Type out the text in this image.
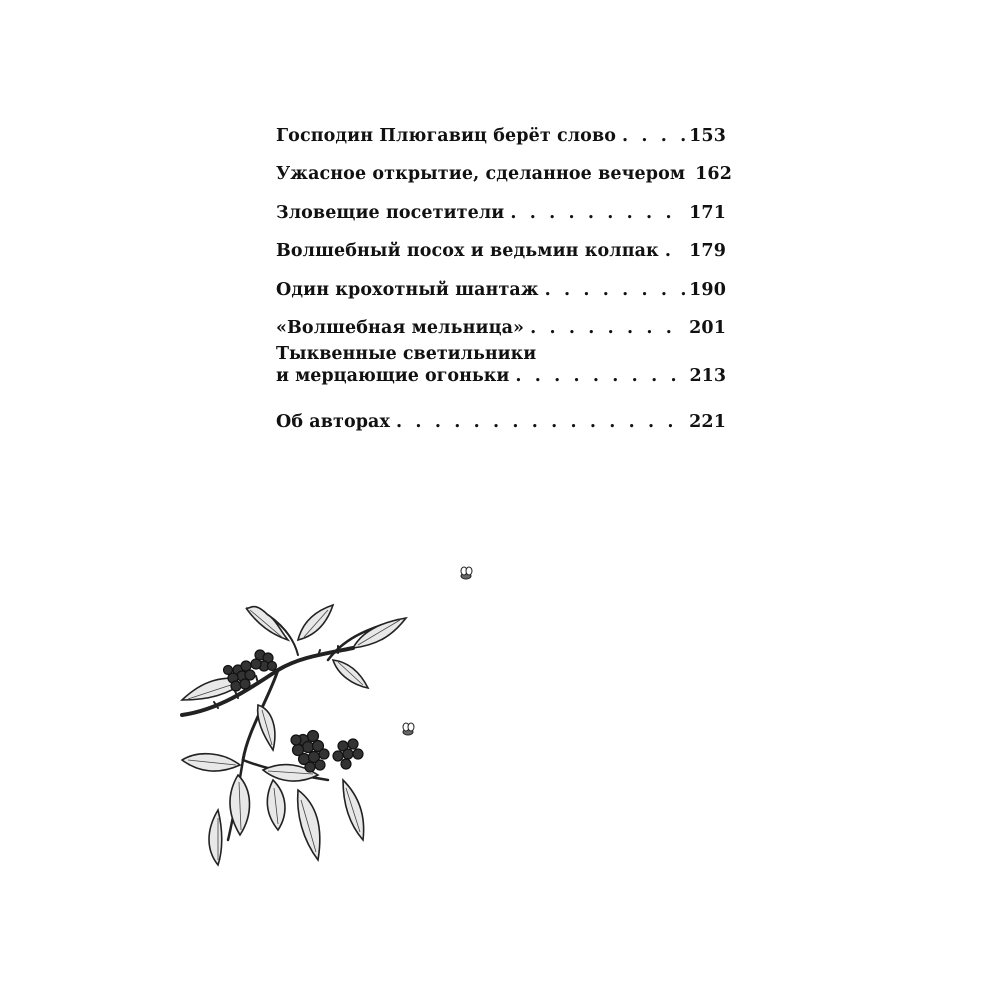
Господин Плюгавиц берёт слово . . .	153
Ужасное открытие, сделанное вечером 162
Зловещие посетители . . .	171
Волшебный посох и ведьмин колпак . . . 179
Один крохотный шантаж . . .	190
«Волшебная мельница» . . .	201
Тыквенные светильники
и мерцающие огоньки . . .	213
Об авторах . . .	221
